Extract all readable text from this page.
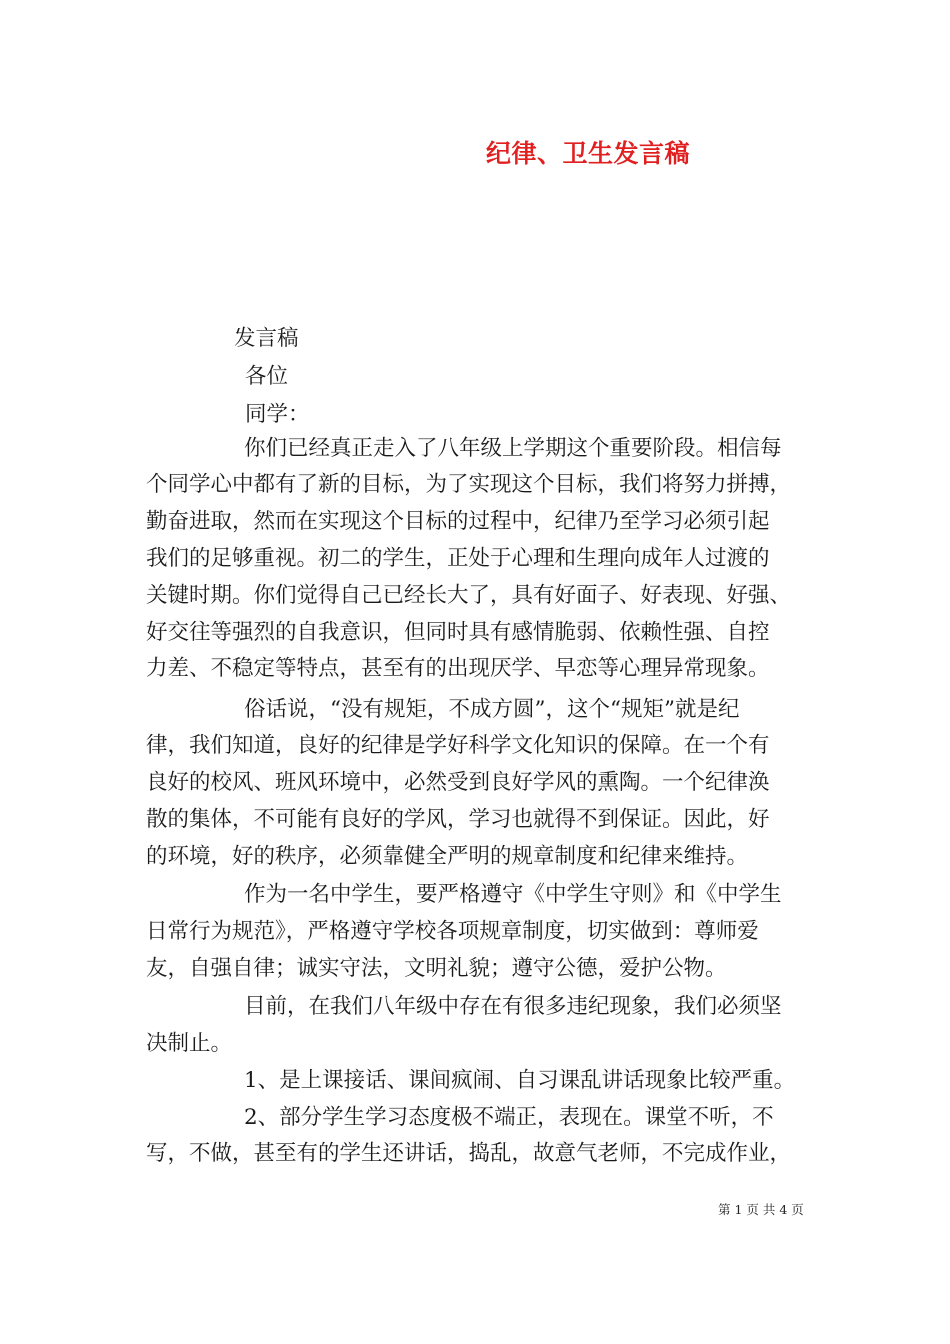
纪律、卫生发言稿
发言稿
各位
同学：
你们已经真正走入了八年级上学期这个重要阶段。相信每
个同学心中都有了新的目标，为了实现这个目标，我们将努力拼搏，
勤奋进取，然而在实现这个目标的过程中，纪律乃至学习必须引起
我们的足够重视。初二的学生，正处于心理和生理向成年人过渡的
关键时期。你们觉得自己已经长大了，具有好面子、好表现、好强、
好交往等强烈的自我意识，但同时具有感情脆弱、依赖性强、自控
力差、不稳定等特点，甚至有的出现厌学、早恋等心理异常现象。
俗话说，“没有规矩，不成方圆”，这个“规矩”就是纪
律，我们知道，良好的纪律是学好科学文化知识的保障。在一个有
良好的校风、班风环境中，必然受到良好学风的熏陶。一个纪律涣
散的集体，不可能有良好的学风，学习也就得不到保证。因此，好
的环境，好的秩序，必须靠健全严明的规章制度和纪律来维持。
作为一名中学生，要严格遵守《中学生守则》和《中学生
日常行为规范》，严格遵守学校各项规章制度，切实做到：尊师爱
友，自强自律；诚实守法，文明礼貌；遵守公德，爱护公物。
目前，在我们八年级中存在有很多违纪现象，我们必须坚
决制止。
1、是上课接话、课间疯闹、自习课乱讲话现象比较严重。
2、部分学生学习态度极不端正，表现在。课堂不听，不
写，不做，甚至有的学生还讲话，捣乱，故意气老师，不完成作业，
第 1 页 共 4 页
